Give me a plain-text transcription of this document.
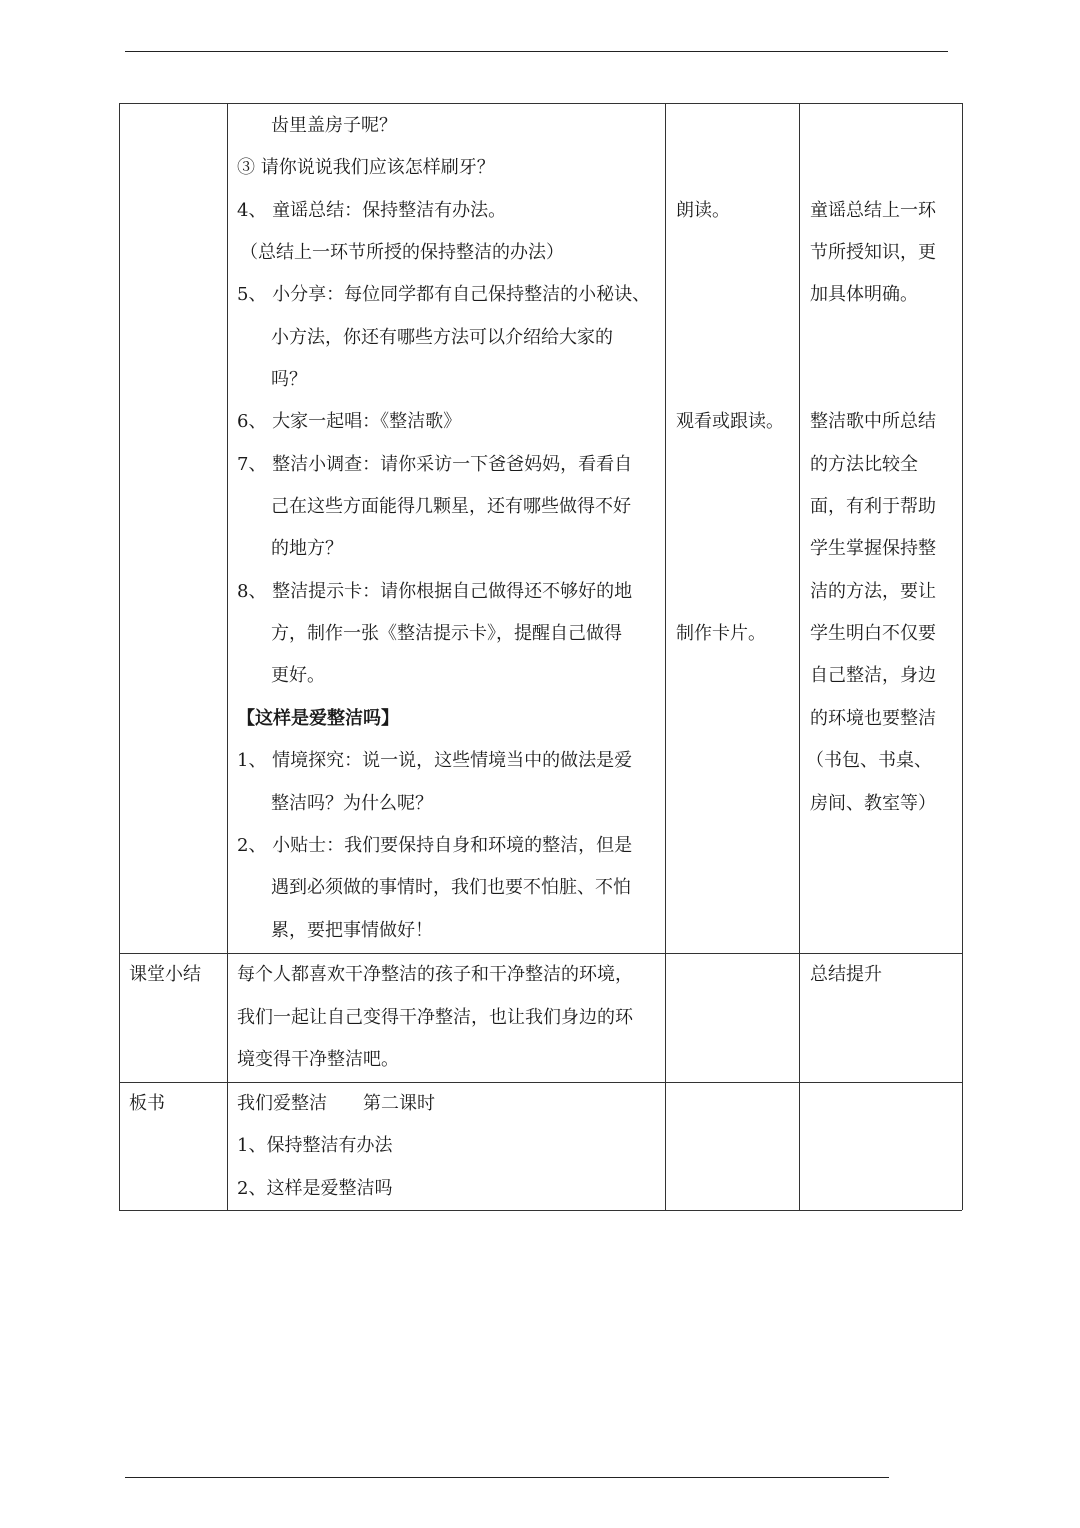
齿里盖房子呢？
③ 请你说说我们应该怎样刷牙？
4、 童谣总结：保持整洁有办法。
（总结上一环节所授的保持整洁的办法）
5、 小分享：每位同学都有自己保持整洁的小秘诀、
小方法，你还有哪些方法可以介绍给大家的
吗？
6、 大家一起唱：《整洁歌》
7、 整洁小调查：请你采访一下爸爸妈妈，看看自
己在这些方面能得几颗星，还有哪些做得不好
的地方？
8、 整洁提示卡：请你根据自己做得还不够好的地
方，制作一张《整洁提示卡》，提醒自己做得
更好。
【这样是爱整洁吗】
1、 情境探究：说一说，这些情境当中的做法是爱
整洁吗？为什么呢？
2、 小贴士：我们要保持自身和环境的整洁，但是
遇到必须做的事情时，我们也要不怕脏、不怕
累，要把事情做好！
朗读。
观看或跟读。
制作卡片。
童谣总结上一环
节所授知识，更
加具体明确。
整洁歌中所总结
的方法比较全
面，有利于帮助
学生掌握保持整
洁的方法，要让
学生明白不仅要
自己整洁，身边
的环境也要整洁
（书包、书桌、
房间、教室等）
课堂小结 每个人都喜欢干净整洁的孩子和干净整洁的环境，
我们一起让自己变得干净整洁，也让我们身边的环
境变得干净整洁吧。
总结提升
板书	我们爱整洁　　第二课时
1、保持整洁有办法
2、这样是爱整洁吗
